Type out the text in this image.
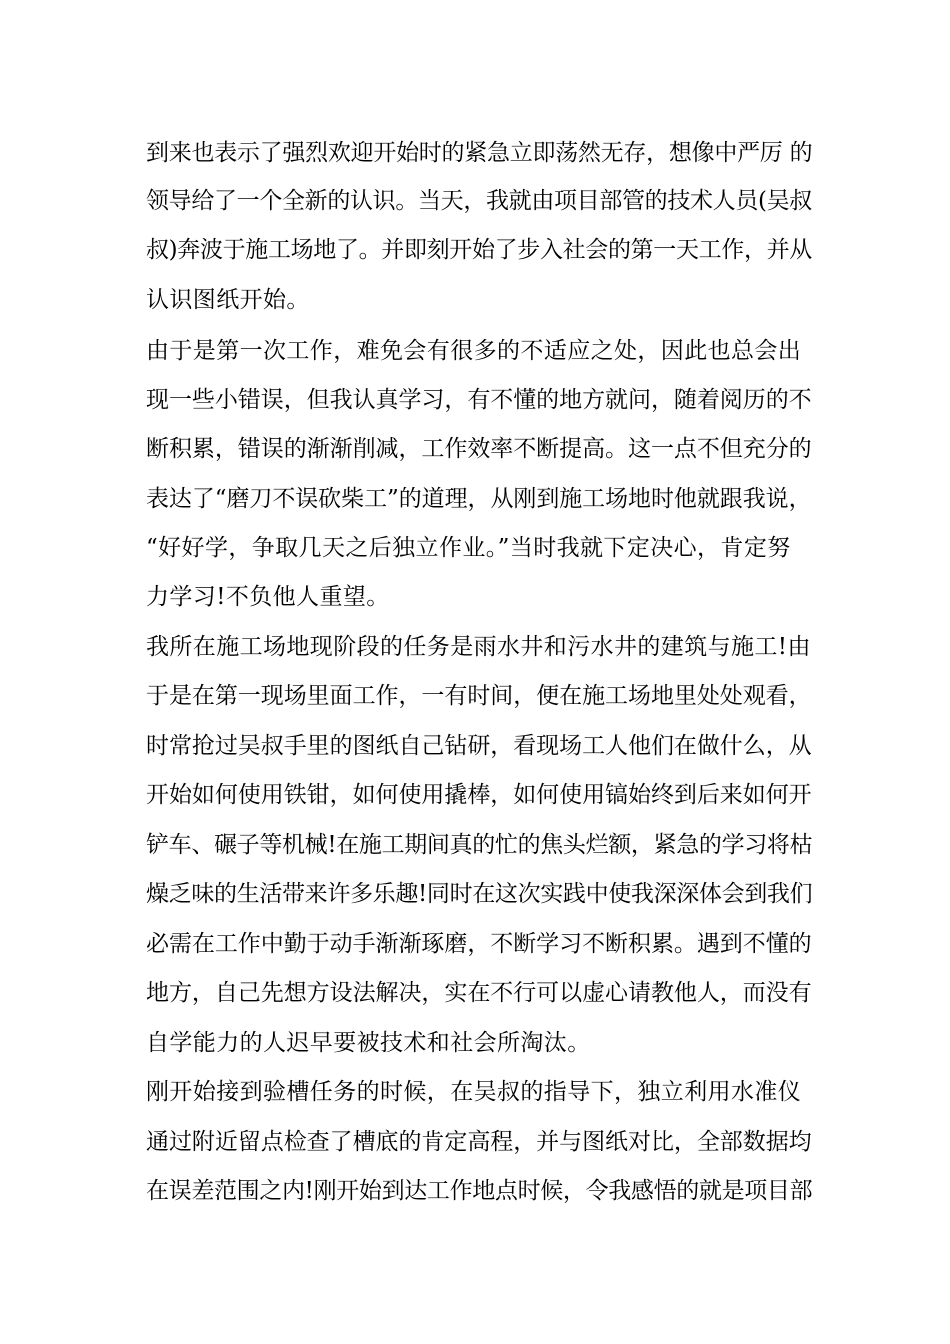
到来也表示了强烈欢迎开始时的紧急立即荡然无存，想像中严厉 的
领导给了一个全新的认识。当天，我就由项目部管的技术人员(吴叔
叔)奔波于施工场地了。并即刻开始了步入社会的第一天工作，并从
认识图纸开始。
由于是第一次工作，难免会有很多的不适应之处，因此也总会出
现一些小错误，但我认真学习，有不懂的地方就问，随着阅历的不
断积累，错误的渐渐削减，工作效率不断提高。这一点不但充分的
表达了“磨刀不误砍柴工”的道理，从刚到施工场地时他就跟我说，
“好好学，争取几天之后独立作业。”当时我就下定决心，肯定努
力学习!不负他人重望。
我所在施工场地现阶段的任务是雨水井和污水井的建筑与施工!由
于是在第一现场里面工作，一有时间，便在施工场地里处处观看，
时常抢过吴叔手里的图纸自己钻研，看现场工人他们在做什么，从
开始如何使用铁钳，如何使用撬棒，如何使用镐始终到后来如何开
铲车、碾子等机械!在施工期间真的忙的焦头烂额，紧急的学习将枯
燥乏味的生活带来许多乐趣!同时在这次实践中使我深深体会到我们
必需在工作中勤于动手渐渐琢磨，不断学习不断积累。遇到不懂的
地方，自己先想方设法解决，实在不行可以虚心请教他人，而没有
自学能力的人迟早要被技术和社会所淘汰。
刚开始接到验槽任务的时候，在吴叔的指导下，独立利用水准仪
通过附近留点检查了槽底的肯定高程，并与图纸对比，全部数据均
在误差范围之内!刚开始到达工作地点时候，令我感悟的就是项目部
